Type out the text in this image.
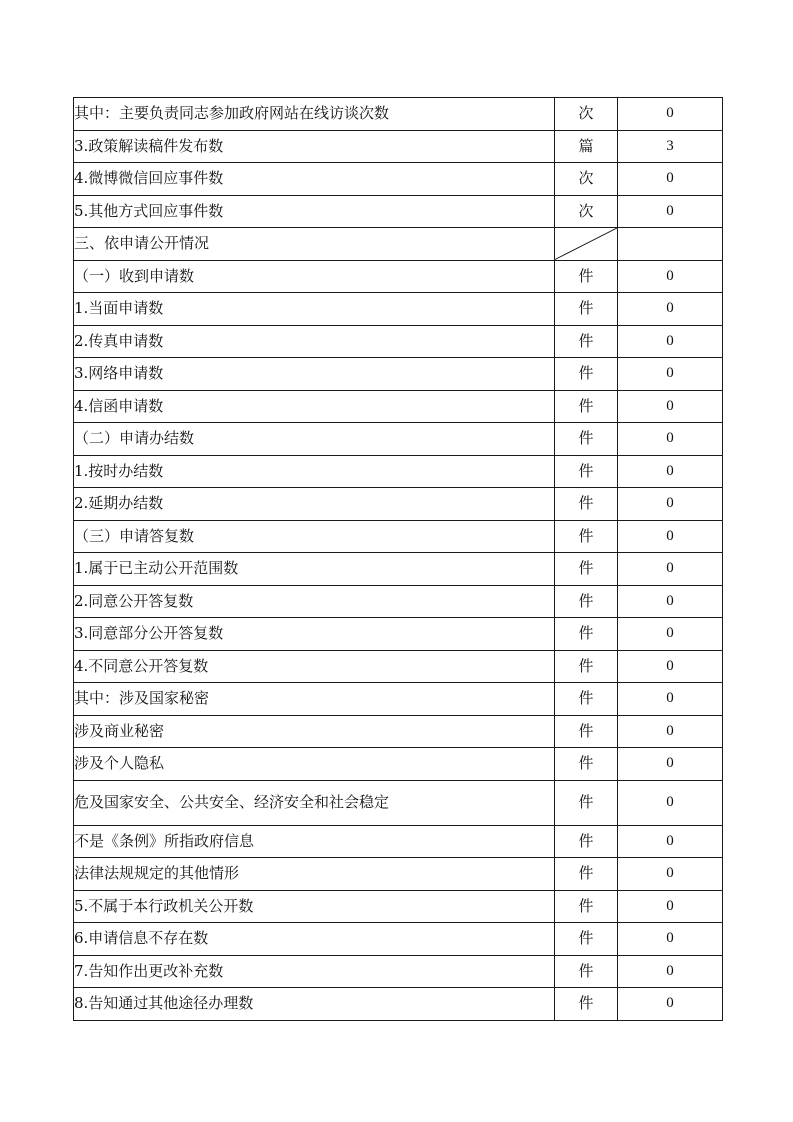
其中：主要负责同志参加政府网站在线访谈次数	次	0
3.政策解读稿件发布数	篇	3
4.微博微信回应事件数	次	0
5.其他方式回应事件数	次	0
三、依申请公开情况	

（一）收到申请数	件	0
1.当面申请数	件	0
2.传真申请数	件	0
3.网络申请数	件	0
4.信函申请数	件	0
（二）申请办结数	件	0
1.按时办结数	件	0
2.延期办结数	件	0
（三）申请答复数	件	0
1.属于已主动公开范围数	件	0
2.同意公开答复数	件	0
3.同意部分公开答复数	件	0
4.不同意公开答复数	件	0
其中：涉及国家秘密	件	0
涉及商业秘密	件	0
涉及个人隐私	件	0
危及国家安全、公共安全、经济安全和社会稳定	件	0
不是《条例》所指政府信息	件	0
法律法规规定的其他情形	件	0
5.不属于本行政机关公开数	件	0
6.申请信息不存在数	件	0
7.告知作出更改补充数	件	0
8.告知通过其他途径办理数	件	0
